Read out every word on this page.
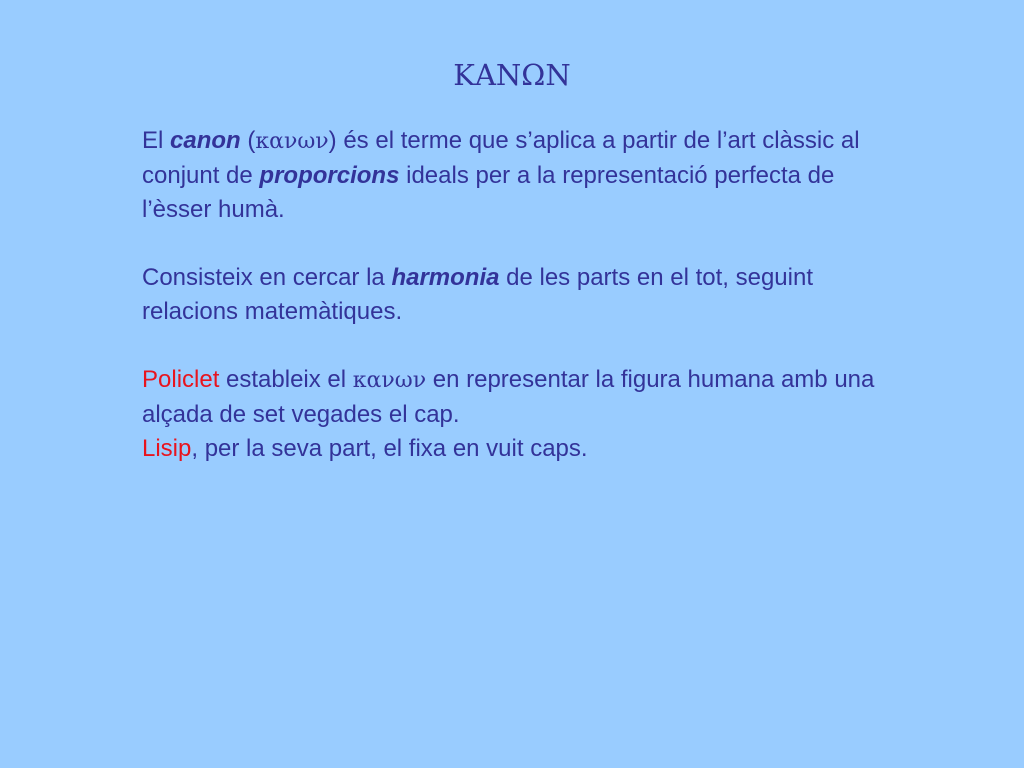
ΚΑΝΩΝ

El canon (κανων) és el terme que s’aplica a partir de l’art clàssic al conjunt de proporcions ideals per a la representació perfecta de l’èsser humà.

Consisteix en cercar la harmonia de les parts en el tot, seguint relacions matemàtiques.

Policlet estableix el κανων en representar la figura humana amb una alçada de set vegades el cap.

Lisip, per la seva part, el fixa en vuit caps.
